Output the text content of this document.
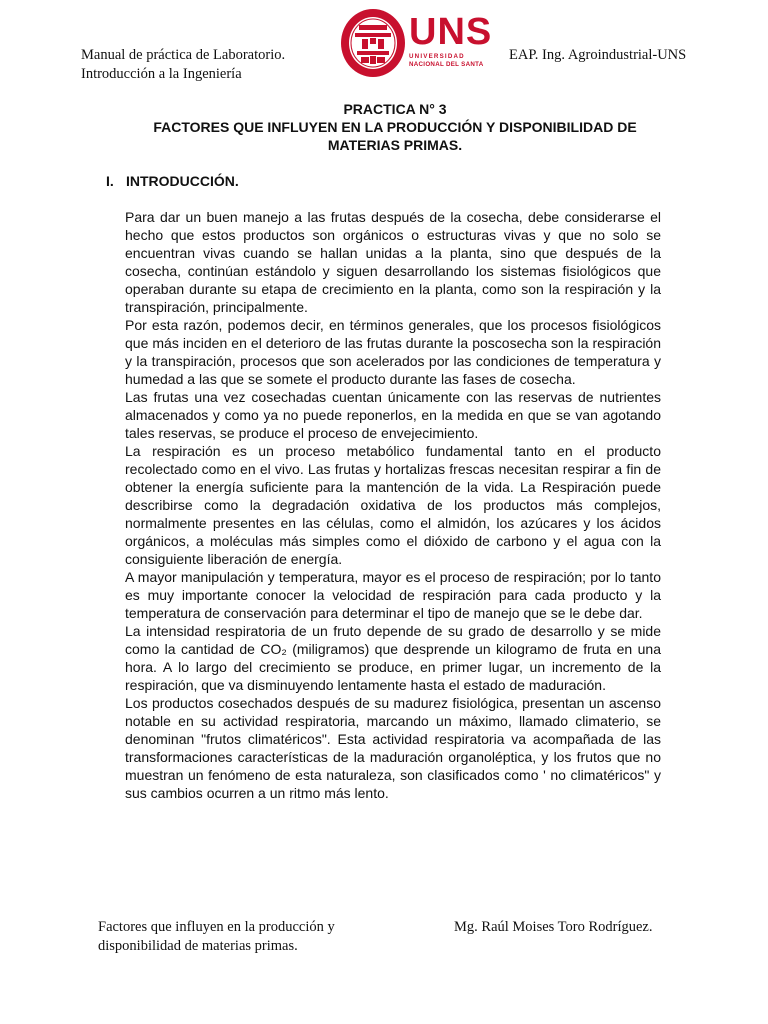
Manual de práctica de Laboratorio.
Introducción a la Ingeniería
UNS
UNIVERSIDAD
NACIONAL DEL SANTA
EAP. Ing. Agroindustrial-UNS
PRACTICA N° 3
FACTORES QUE INFLUYEN EN LA PRODUCCIÓN Y DISPONIBILIDAD DE
MATERIAS PRIMAS.
I. INTRODUCCIÓN.

Para dar un buen manejo a las frutas después de la cosecha, debe considerarse el hecho que estos productos son orgánicos o estructuras vivas y que no solo se encuentran vivas cuando se hallan unidas a la planta, sino que después de la cosecha, continúan estándolo y siguen desarrollando los sistemas fisiológicos que operaban durante su etapa de crecimiento en la planta, como son la respiración y la transpiración, principalmente.

Por esta razón, podemos decir, en términos generales, que los procesos fisiológicos que más inciden en el deterioro de las frutas durante la poscosecha son la respiración y la transpiración, procesos que son acelerados por las condiciones de temperatura y humedad a las que se somete el producto durante las fases de cosecha.

Las frutas una vez cosechadas cuentan únicamente con las reservas de nutrientes almacenados y como ya no puede reponerlos, en la medida en que se van agotando tales reservas, se produce el proceso de envejecimiento.

La respiración es un proceso metabólico fundamental tanto en el producto recolectado como en el vivo. Las frutas y hortalizas frescas necesitan respirar a fin de obtener la energía suficiente para la mantención de la vida. La Respiración puede describirse como la degradación oxidativa de los productos más complejos, normalmente presentes en las células, como el almidón, los azúcares y los ácidos orgánicos, a moléculas más simples como el dióxido de carbono y el agua con la consiguiente liberación de energía.

A mayor manipulación y temperatura, mayor es el proceso de respiración; por lo tanto es muy importante conocer la velocidad de respiración para cada producto y la temperatura de conservación para determinar el tipo de manejo que se le debe dar.

La intensidad respiratoria de un fruto depende de su grado de desarrollo y se mide como la cantidad de CO₂ (miligramos) que desprende un kilogramo de fruta en una hora. A lo largo del crecimiento se produce, en primer lugar, un incremento de la respiración, que va disminuyendo lentamente hasta el estado de maduración.

Los productos cosechados después de su madurez fisiológica, presentan un ascenso notable en su actividad respiratoria, marcando un máximo, llamado climaterio, se denominan "frutos climatéricos". Esta actividad respiratoria va acompañada de las transformaciones características de la maduración organoléptica, y los frutos que no muestran un fenómeno de esta naturaleza, son clasificados como ' no climatéricos" y sus cambios ocurren a un ritmo más lento.

Factores que influyen en la producción y
disponibilidad de materias primas.
Mg. Raúl Moises Toro Rodríguez.
